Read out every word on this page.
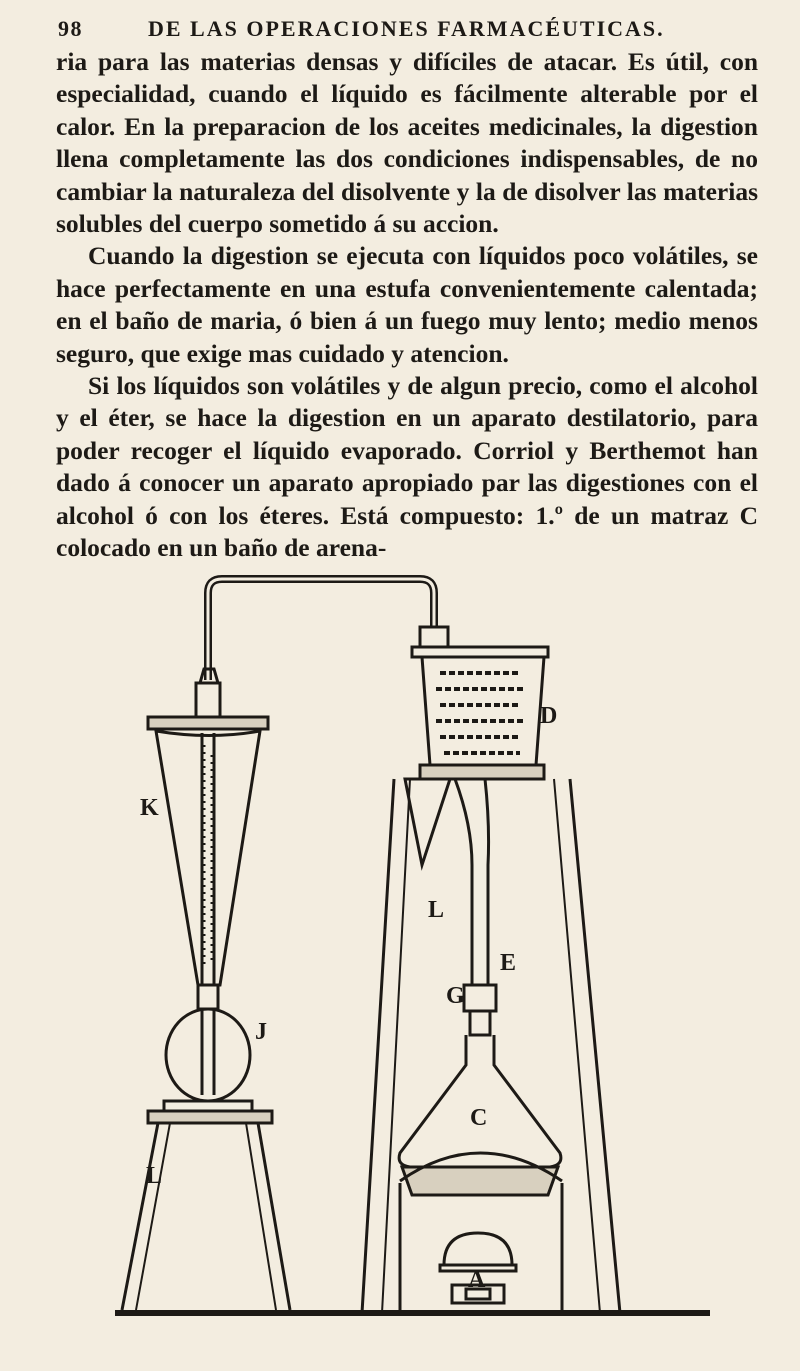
98	DE LAS OPERACIONES FARMACÉUTICAS.

ria para las materias densas y difíciles de atacar. Es útil, con especialidad, cuando el líquido es fácilmente alterable por el calor. En la preparacion de los aceites medicinales, la digestion llena completamente las dos condiciones indispensables, de no cambiar la naturaleza del disolvente y la de disolver las materias solubles del cuerpo sometido á su accion.

Cuando la digestion se ejecuta con líquidos poco volátiles, se hace perfectamente en una estufa convenientemente calentada; en el baño de maria, ó bien á un fuego muy lento; medio menos seguro, que exige mas cuidado y atencion.

Si los líquidos son volátiles y de algun precio, como el alcohol y el éter, se hace la digestion en un aparato destilatorio, para poder recoger el líquido evaporado. Corriol y Berthemot han dado á conocer un aparato apropiado par las digestiones con el alcohol ó con los éteres. Está compuesto: 1.º de un matraz C colocado en un baño de arena-

K
J
L
D
L
E
G
C
A
